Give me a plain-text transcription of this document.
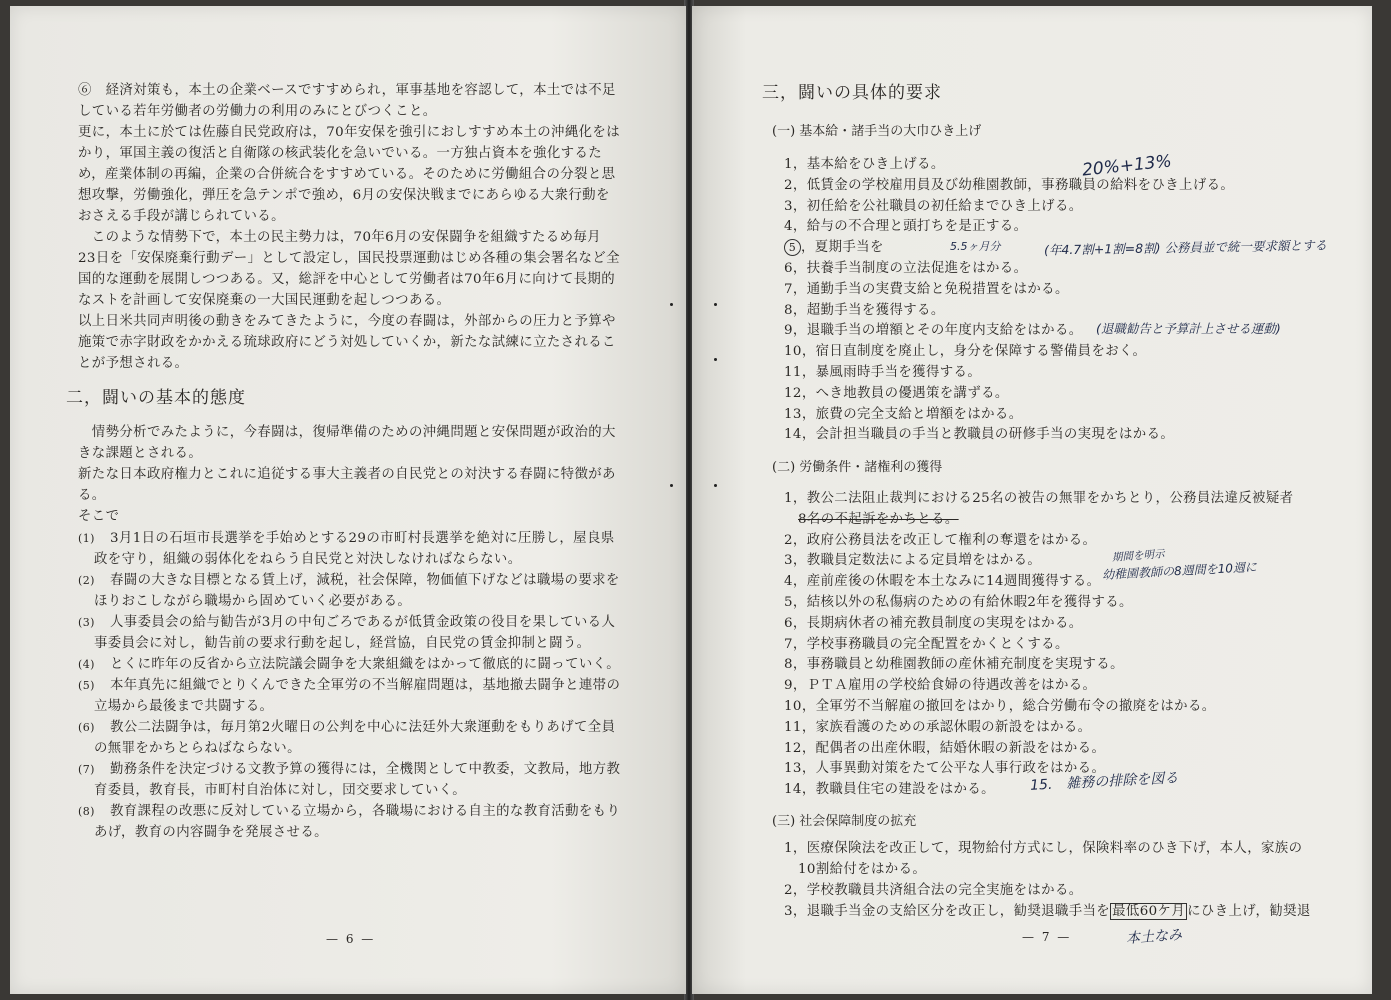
⑥　経済対策も，本土の企業ベースですすめられ，軍事基地を容認して，本土では不足
している若年労働者の労働力の利用のみにとびつくこと。
更に，本土に於ては佐藤自民党政府は，70年安保を強引におしすすめ本土の沖縄化をは
かり，軍国主義の復活と自衛隊の核武装化を急いでいる。一方独占資本を強化するた
め，産業体制の再編，企業の合併統合をすすめている。そのために労働組合の分裂と思
想攻撃，労働強化，弾圧を急テンポで強め，6月の安保決戦までにあらゆる大衆行動を
おさえる手段が講じられている。
　このような情勢下で，本土の民主勢力は，70年6月の安保闘争を組織すたるめ毎月
23日を「安保廃棄行動デー」として設定し，国民投票運動はじめ各種の集会署名など全
国的な運動を展開しつつある。又，総評を中心として労働者は70年6月に向けて長期的
なストを計画して安保廃棄の一大国民運動を起しつつある。
以上日米共同声明後の動きをみてきたように，今度の春闘は，外部からの圧力と予算や
施策で赤字財政をかかえる琉球政府にどう対処していくか，新たな試練に立たされるこ
とが予想される。
二，闘いの基本的態度
　情勢分析でみたように，今春闘は，復帰準備のための沖縄問題と安保問題が政治的大
きな課題とされる。
新たな日本政府権力とこれに追従する事大主義者の自民党との対決する春闘に特徴があ
る。
そこで
(1) 3月1日の石垣市長選挙を手始めとする29の市町村長選挙を絶対に圧勝し，屋良県
政を守り，組織の弱体化をねらう自民党と対決しなければならない。
(2) 春闘の大きな目標となる賃上げ，減税，社会保障，物価値下げなどは職場の要求を
ほりおこしながら職場から固めていく必要がある。
(3) 人事委員会の給与勧告が3月の中旬ごろであるが低賃金政策の役目を果している人
事委員会に対し，勧告前の要求行動を起し，経営協，自民党の賃金抑制と闘う。
(4) とくに昨年の反省から立法院議会闘争を大衆組織をはかって徹底的に闘っていく。
(5) 本年真先に組織でとりくんできた全軍労の不当解雇問題は，基地撤去闘争と連帯の
立場から最後まで共闘する。
(6) 教公二法闘争は，毎月第2火曜日の公判を中心に法廷外大衆運動をもりあげて全員
の無罪をかちとらねばならない。
(7) 勤務条件を決定づける文教予算の獲得には，全機関として中教委，文教局，地方教
育委員，教育長，市町村自治体に対し，団交要求していく。
(8) 教育課程の改悪に反対している立場から，各職場における自主的な教育活動をもり
あげ，教育の内容闘争を発展させる。
— 6 —
三，闘いの具体的要求
(一) 基本給・諸手当の大巾ひき上げ
1，基本給をひき上げる。
2，低賃金の学校雇用員及び幼稚園教師，事務職員の給料をひき上げる。
3，初任給を公社職員の初任給までひき上げる。
4，給与の不合理と頭打ちを是正する。
5 ，夏期手当を
6，扶養手当制度の立法促進をはかる。
7，通勤手当の実費支給と免税措置をはかる。
8，超勤手当を獲得する。
9，退職手当の増額とその年度内支給をはかる。
10，宿日直制度を廃止し，身分を保障する警備員をおく。
11，暴風雨時手当を獲得する。
12，へき地教員の優遇策を講ずる。
13，旅費の完全支給と増額をはかる。
14，会計担当職員の手当と教職員の研修手当の実現をはかる。
(二) 労働条件・諸権利の獲得
1，教公二法阻止裁判における25名の被告の無罪をかちとり，公務員法違反被疑者
8名の不起訴をかちとる。
2，政府公務員法を改正して権利の奪還をはかる。
3，教職員定数法による定員増をはかる。
4，産前産後の休暇を本土なみに14週間獲得する。
5，結核以外の私傷病のための有給休暇2年を獲得する。
6，長期病休者の補充教員制度の実現をはかる。
7，学校事務職員の完全配置をかくとくする。
8，事務職員と幼稚園教師の産休補充制度を実現する。
9，ＰＴＡ雇用の学校給食婦の待遇改善をはかる。
10，全軍労不当解雇の撤回をはかり，総合労働布令の撤廃をはかる。
11，家族看護のための承認休暇の新設をはかる。
12，配偶者の出産休暇，結婚休暇の新設をはかる。
13，人事異動対策をたて公平な人事行政をはかる。
14，教職員住宅の建設をはかる。
(三) 社会保障制度の拡充
1，医療保険法を改正して，現物給付方式にし，保険料率のひき下げ，本人，家族の
10割給付をはかる。
2，学校教職員共済組合法の完全実施をはかる。
3，退職手当金の支給区分を改正し，勧奨退職手当を 最低60ケ月 にひき上げ，勧奨退
— 7 —
20%+13%
5.5ヶ月分	(年4.7割+1割=8割) 公務員並で統一要求額とする
(退職勧告と予算計上させる運動)
期間を明示
幼稚園教師の8週間を10週に
15.　雑務の排除を図る
本土なみ
